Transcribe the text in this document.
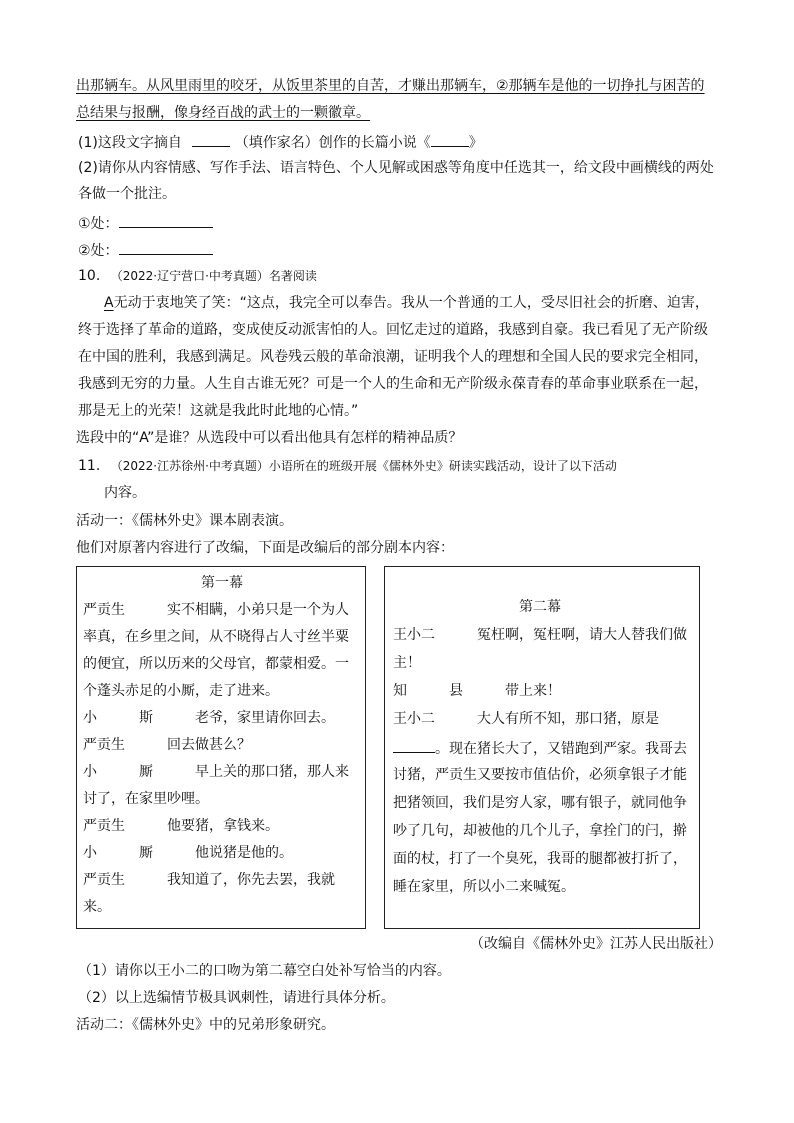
出那辆车。从风里雨里的咬牙，从饭里茶里的自苦，才赚出那辆车，②那辆车是他的一切挣扎与困苦的
总结果与报酬，像身经百战的武士的一颗徽章。
(1)这段文字摘自	（填作家名）创作的长篇小说《	》
(2)请你从内容情感、写作手法、语言特色、个人见解或困惑等角度中任选其一，给文段中画横线的两处
各做一个批注。
①处：
②处：
10. （2022·辽宁营口·中考真题）名著阅读
A无动于衷地笑了笑：“这点，我完全可以奉告。我从一个普通的工人，受尽旧社会的折磨、迫害，
终于选择了革命的道路，变成使反动派害怕的人。回忆走过的道路，我感到自豪。我已看见了无产阶级
在中国的胜利，我感到满足。风卷残云般的革命浪潮，证明我个人的理想和全国人民的要求完全相同，
我感到无穷的力量。人生自古谁无死？可是一个人的生命和无产阶级永葆青春的革命事业联系在一起，
那是无上的光荣！这就是我此时此地的心情。”
选段中的“A”是谁？从选段中可以看出他具有怎样的精神品质？
11. （2022·江苏徐州·中考真题）小语所在的班级开展《儒林外史》研读实践活动，设计了以下活动
内容。
活动一：《儒林外史》课本剧表演。
他们对原著内容进行了改编，下面是改编后的部分剧本内容：
第一幕
严贡生　　　实不相瞒，小弟只是一个为人
率真，在乡里之间，从不晓得占人寸丝半粟
的便宜，所以历来的父母官，都蒙相爱。一
个蓬头赤足的小厮，走了进来。
小　　　斯　　　老爷，家里请你回去。
严贡生　　　回去做甚么？
小　　　厮　　　早上关的那口猪，那人来
讨了，在家里吵哩。
严贡生　　　他要猪，拿钱来。
小　　　厮　　　他说猪是他的。
严贡生　　　我知道了，你先去罢，我就
来。
第二幕
王小二　　　冤枉啊，冤枉啊，请大人替我们做
主！
知　　　县　　　带上来！
王小二　　　大人有所不知，那口猪，原是
。现在猪长大了，又错跑到严家。我哥去
讨猪，严贡生又要按市值估价，必须拿银子才能
把猪领回，我们是穷人家，哪有银子，就同他争
吵了几句，却被他的几个儿子，拿拴门的闩，擀
面的杖，打了一个臭死，我哥的腿都被打折了，
睡在家里，所以小二来喊冤。
（改编自《儒林外史》江苏人民出版社）
（1）请你以王小二的口吻为第二幕空白处补写恰当的内容。
（2）以上选编情节极具讽刺性，请进行具体分析。
活动二：《儒林外史》中的兄弟形象研究。
